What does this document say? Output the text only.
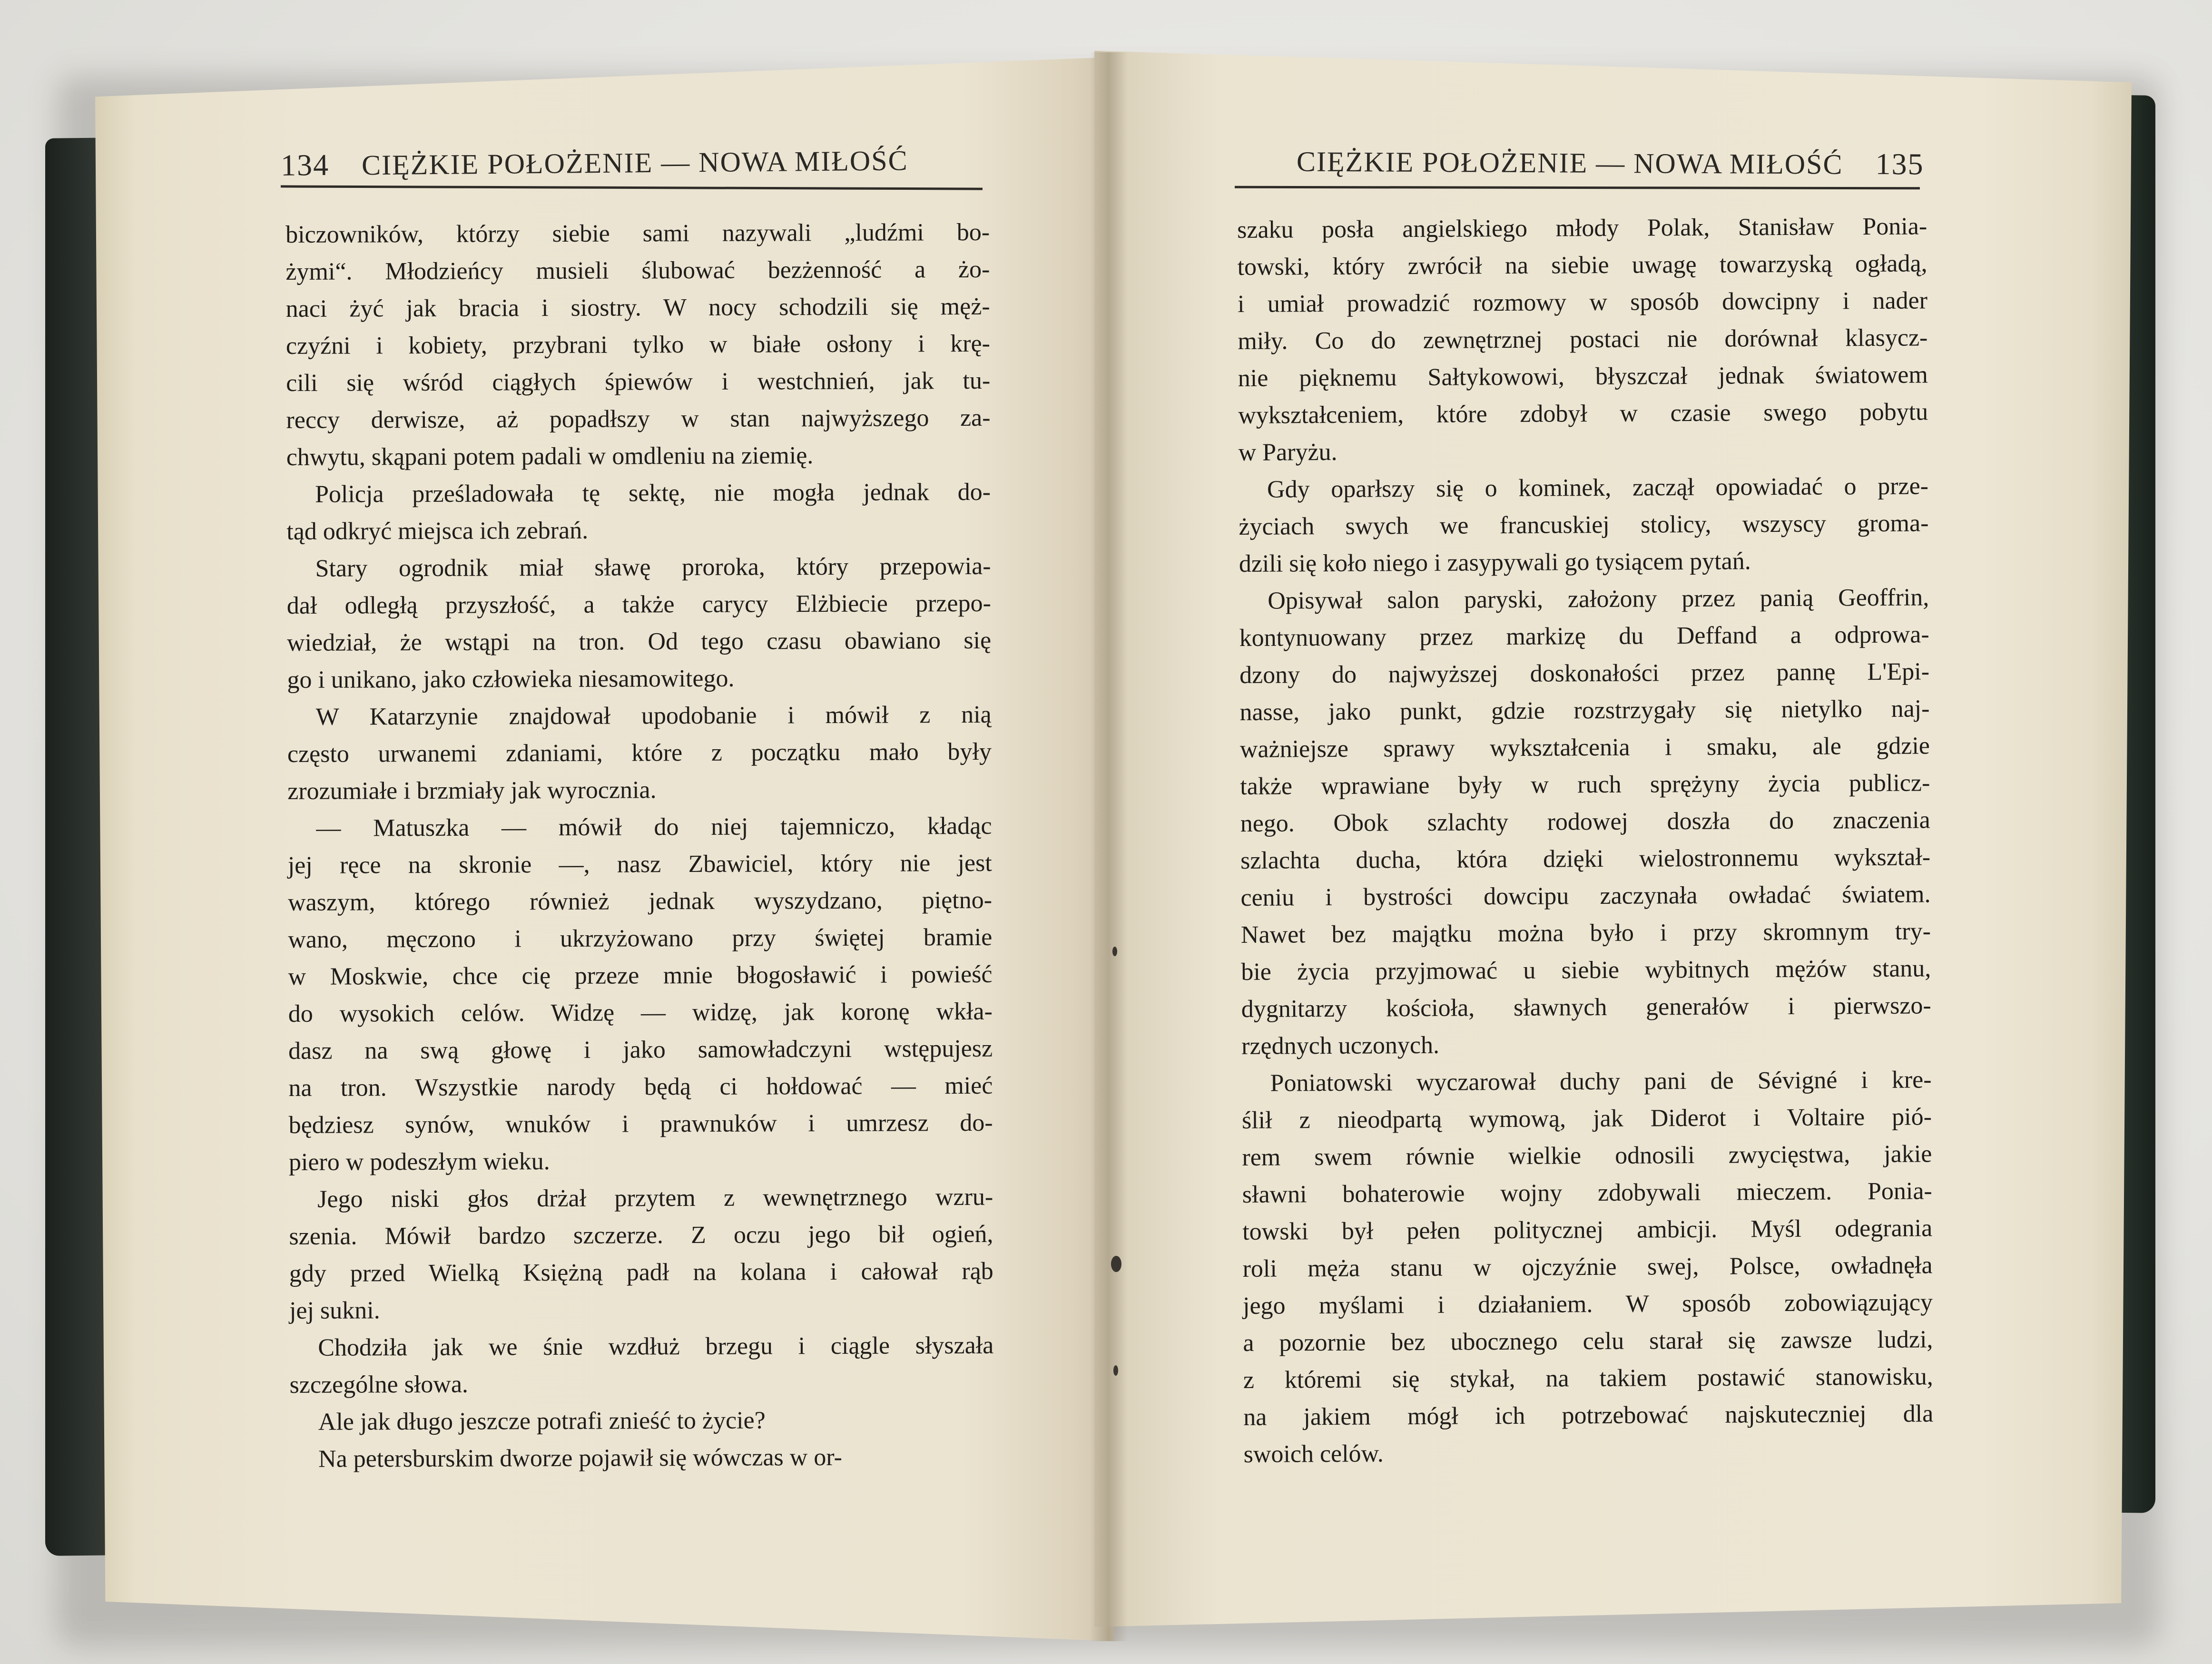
134 CIĘŻKIE POŁOŻENIE — NOWA MIŁOŚĆ	CIĘŻKIE POŁOŻENIE — NOWA MIŁOŚĆ 135
biczowników, którzy siebie sami nazywali „ludźmi bo-
żymi“. Młodzieńcy musieli ślubować bezżenność a żo-
naci żyć jak bracia i siostry. W nocy schodzili się męż-
czyźni i kobiety, przybrani tylko w białe osłony i krę-
cili się wśród ciągłych śpiewów i westchnień, jak tu-
reccy derwisze, aż popadłszy w stan najwyższego za-
chwytu, skąpani potem padali w omdleniu na ziemię.
Policja prześladowała tę sektę, nie mogła jednak do-
tąd odkryć miejsca ich zebrań.
Stary ogrodnik miał sławę proroka, który przepowia-
dał odległą przyszłość, a także carycy Elżbiecie przepo-
wiedział, że wstąpi na tron. Od tego czasu obawiano się
go i unikano, jako człowieka niesamowitego.
W Katarzynie znajdował upodobanie i mówił z nią
często urwanemi zdaniami, które z początku mało były
zrozumiałe i brzmiały jak wyrocznia.
— Matuszka — mówił do niej tajemniczo, kładąc
jej ręce na skronie —, nasz Zbawiciel, który nie jest
waszym, którego również jednak wyszydzano, piętno-
wano, męczono i ukrzyżowano przy świętej bramie
w Moskwie, chce cię przeze mnie błogosławić i powieść
do wysokich celów. Widzę — widzę, jak koronę wkła-
dasz na swą głowę i jako samowładczyni wstępujesz
na tron. Wszystkie narody będą ci hołdować — mieć
będziesz synów, wnuków i prawnuków i umrzesz do-
piero w podeszłym wieku.
Jego niski głos drżał przytem z wewnętrznego wzru-
szenia. Mówił bardzo szczerze. Z oczu jego bił ogień,
gdy przed Wielką Księżną padł na kolana i całował rąb
jej sukni.
Chodziła jak we śnie wzdłuż brzegu i ciągle słyszała
szczególne słowa.
Ale jak długo jeszcze potrafi znieść to życie?
Na petersburskim dworze pojawił się wówczas w or-
szaku posła angielskiego młody Polak, Stanisław Ponia-
towski, który zwrócił na siebie uwagę towarzyską ogładą,
i umiał prowadzić rozmowy w sposób dowcipny i nader
miły. Co do zewnętrznej postaci nie dorównał klasycz-
nie pięknemu Sałtykowowi, błyszczał jednak światowem
wykształceniem, które zdobył w czasie swego pobytu
w Paryżu.
Gdy oparłszy się o kominek, zaczął opowiadać o prze-
życiach swych we francuskiej stolicy, wszyscy groma-
dzili się koło niego i zasypywali go tysiącem pytań.
Opisywał salon paryski, założony przez panią Geoffrin,
kontynuowany przez markizę du Deffand a odprowa-
dzony do najwyższej doskonałości przez pannę L'Epi-
nasse, jako punkt, gdzie rozstrzygały się nietylko naj-
ważniejsze sprawy wykształcenia i smaku, ale gdzie
także wprawiane były w ruch sprężyny życia publicz-
nego. Obok szlachty rodowej doszła do znaczenia
szlachta ducha, która dzięki wielostronnemu wykształ-
ceniu i bystrości dowcipu zaczynała owładać światem.
Nawet bez majątku można było i przy skromnym try-
bie życia przyjmować u siebie wybitnych mężów stanu,
dygnitarzy kościoła, sławnych generałów i pierwszo-
rzędnych uczonych.
Poniatowski wyczarował duchy pani de Sévigné i kre-
ślił z nieodpartą wymową, jak Diderot i Voltaire pió-
rem swem równie wielkie odnosili zwycięstwa, jakie
sławni bohaterowie wojny zdobywali mieczem. Ponia-
towski był pełen politycznej ambicji. Myśl odegrania
roli męża stanu w ojczyźnie swej, Polsce, owładnęła
jego myślami i działaniem. W sposób zobowiązujący
a pozornie bez ubocznego celu starał się zawsze ludzi,
z któremi się stykał, na takiem postawić stanowisku,
na jakiem mógł ich potrzebować najskuteczniej dla
swoich celów.
